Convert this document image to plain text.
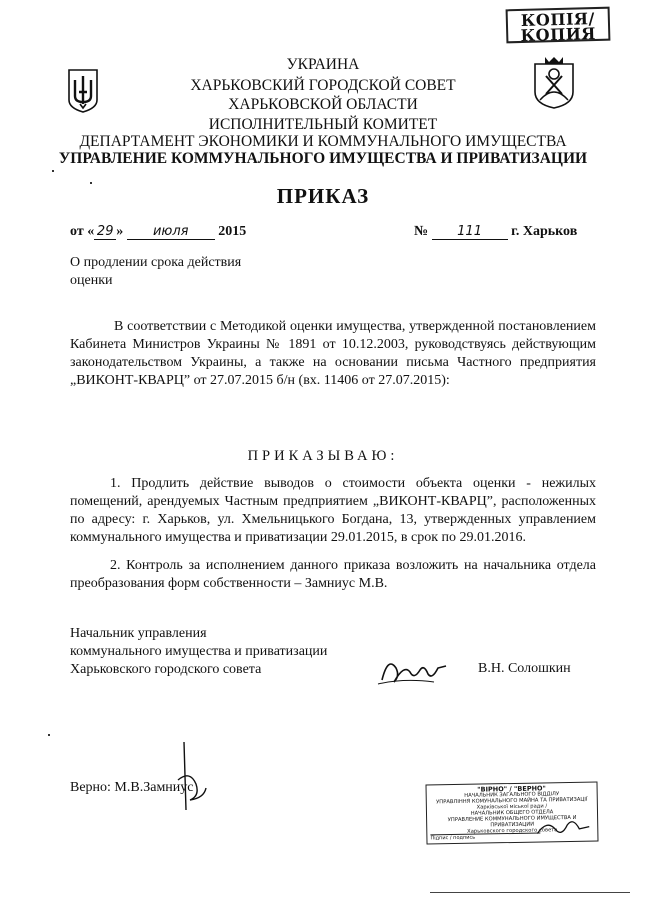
КОПІЯ/
КОПИЯ
УКРАИНА
ХАРЬКОВСКИЙ ГОРОДСКОЙ СОВЕТ
ХАРЬКОВСКОЙ ОБЛАСТИ
ИСПОЛНИТЕЛЬНЫЙ КОМИТЕТ
ДЕПАРТАМЕНТ ЭКОНОМИКИ И КОММУНАЛЬНОГО ИМУЩЕСТВА
УПРАВЛЕНИЕ КОММУНАЛЬНОГО ИМУЩЕСТВА И ПРИВАТИЗАЦИИ
ПРИКАЗ
от « 29 » июля 2015	№ 111 г. Харьков
О продлении срока действия оценки
В соответствии с Методикой оценки имущества, утвержденной постановлением Кабинета Министров Украины № 1891 от 10.12.2003, руководствуясь действующим законодательством Украины, а также на основании письма Частного предприятия „ВИКОНТ-КВАРЦ” от 27.07.2015 б/н (вх. 11406 от 27.07.2015):
ПРИКАЗЫВАЮ:
1. Продлить действие выводов о стоимости объекта оценки - нежилых помещений, арендуемых Частным предприятием „ВИКОНТ-КВАРЦ”, расположенных по адресу: г. Харьков, ул. Хмельницького Богдана, 13, утвержденных управлением коммунального имущества и приватизации 29.01.2015, в срок по 29.01.2016.
2. Контроль за исполнением данного приказа возложить на начальника отдела преобразования форм собственности – Замниус М.В.
Начальник управления
коммунального имущества и приватизации
Харьковского городского совета	В.Н. Солошкин
Верно: М.В.Замниус	"ВІРНО" / "ВЕРНО"
НАЧАЛЬНИК ЗАГАЛЬНОГО ВІДДІЛУ
УПРАВЛІННЯ КОМУНАЛЬНОГО МАЙНА ТА ПРИВАТИЗАЦІЇ
Харківської міської ради /
НАЧАЛЬНИК ОБЩЕГО ОТДЕЛА
УПРАВЛЕНИЕ КОММУНАЛЬНОГО ИМУЩЕСТВА И ПРИВАТИЗАЦИИ
Харьковского городского совета
Підпис / подпись
